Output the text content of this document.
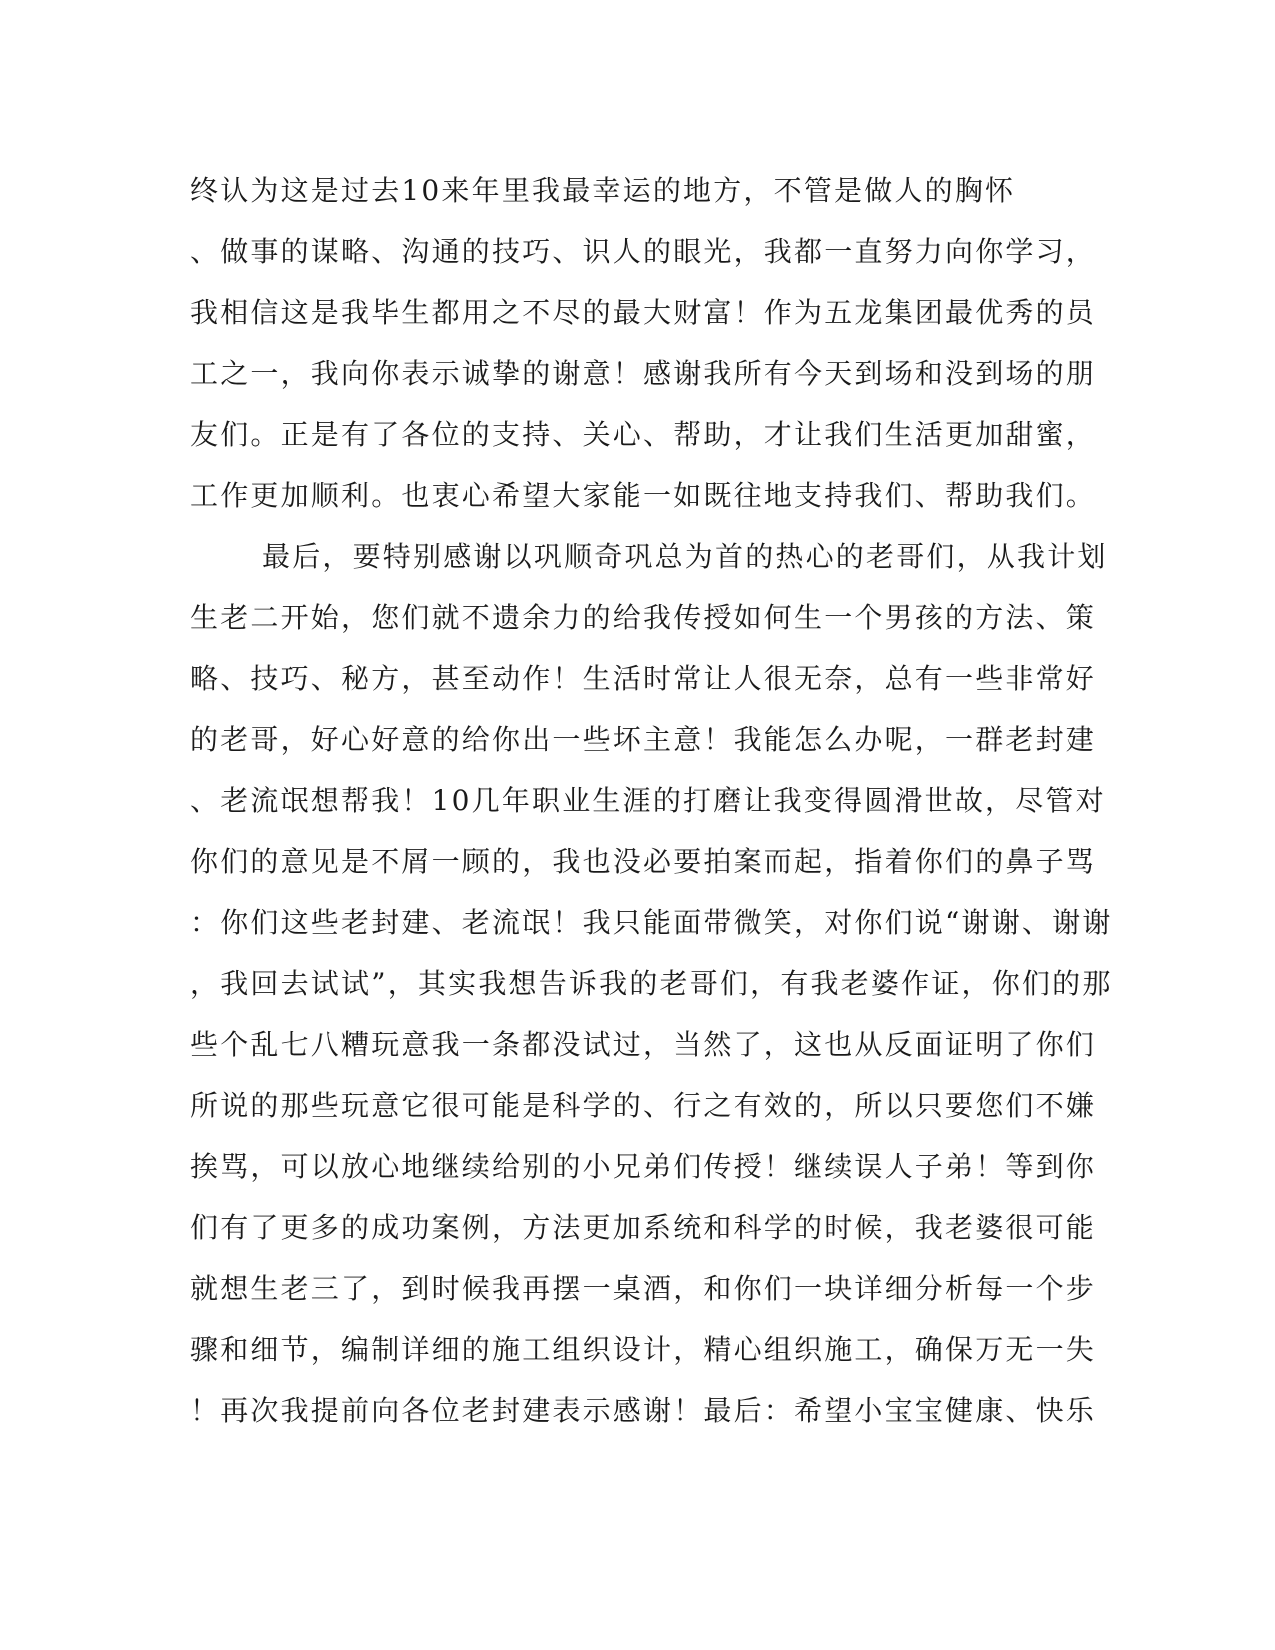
终认为这是过去10来年里我最幸运的地方，不管是做人的胸怀
、做事的谋略、沟通的技巧、识人的眼光，我都一直努力向你学习，
我相信这是我毕生都用之不尽的最大财富！作为五龙集团最优秀的员
工之一，我向你表示诚挚的谢意！感谢我所有今天到场和没到场的朋
友们。正是有了各位的支持、关心、帮助，才让我们生活更加甜蜜，
工作更加顺利。也衷心希望大家能一如既往地支持我们、帮助我们。
最后，要特别感谢以巩顺奇巩总为首的热心的老哥们，从我计划
生老二开始，您们就不遗余力的给我传授如何生一个男孩的方法、策
略、技巧、秘方，甚至动作！生活时常让人很无奈，总有一些非常好
的老哥，好心好意的给你出一些坏主意！我能怎么办呢，一群老封建
、老流氓想帮我！10几年职业生涯的打磨让我变得圆滑世故，尽管对
你们的意见是不屑一顾的，我也没必要拍案而起，指着你们的鼻子骂
：你们这些老封建、老流氓！我只能面带微笑，对你们说“谢谢、谢谢
，我回去试试”，其实我想告诉我的老哥们，有我老婆作证，你们的那
些个乱七八糟玩意我一条都没试过，当然了，这也从反面证明了你们
所说的那些玩意它很可能是科学的、行之有效的，所以只要您们不嫌
挨骂，可以放心地继续给别的小兄弟们传授！继续误人子弟！等到你
们有了更多的成功案例，方法更加系统和科学的时候，我老婆很可能
就想生老三了，到时候我再摆一桌酒，和你们一块详细分析每一个步
骤和细节，编制详细的施工组织设计，精心组织施工，确保万无一失
！再次我提前向各位老封建表示感谢！最后：希望小宝宝健康、快乐
